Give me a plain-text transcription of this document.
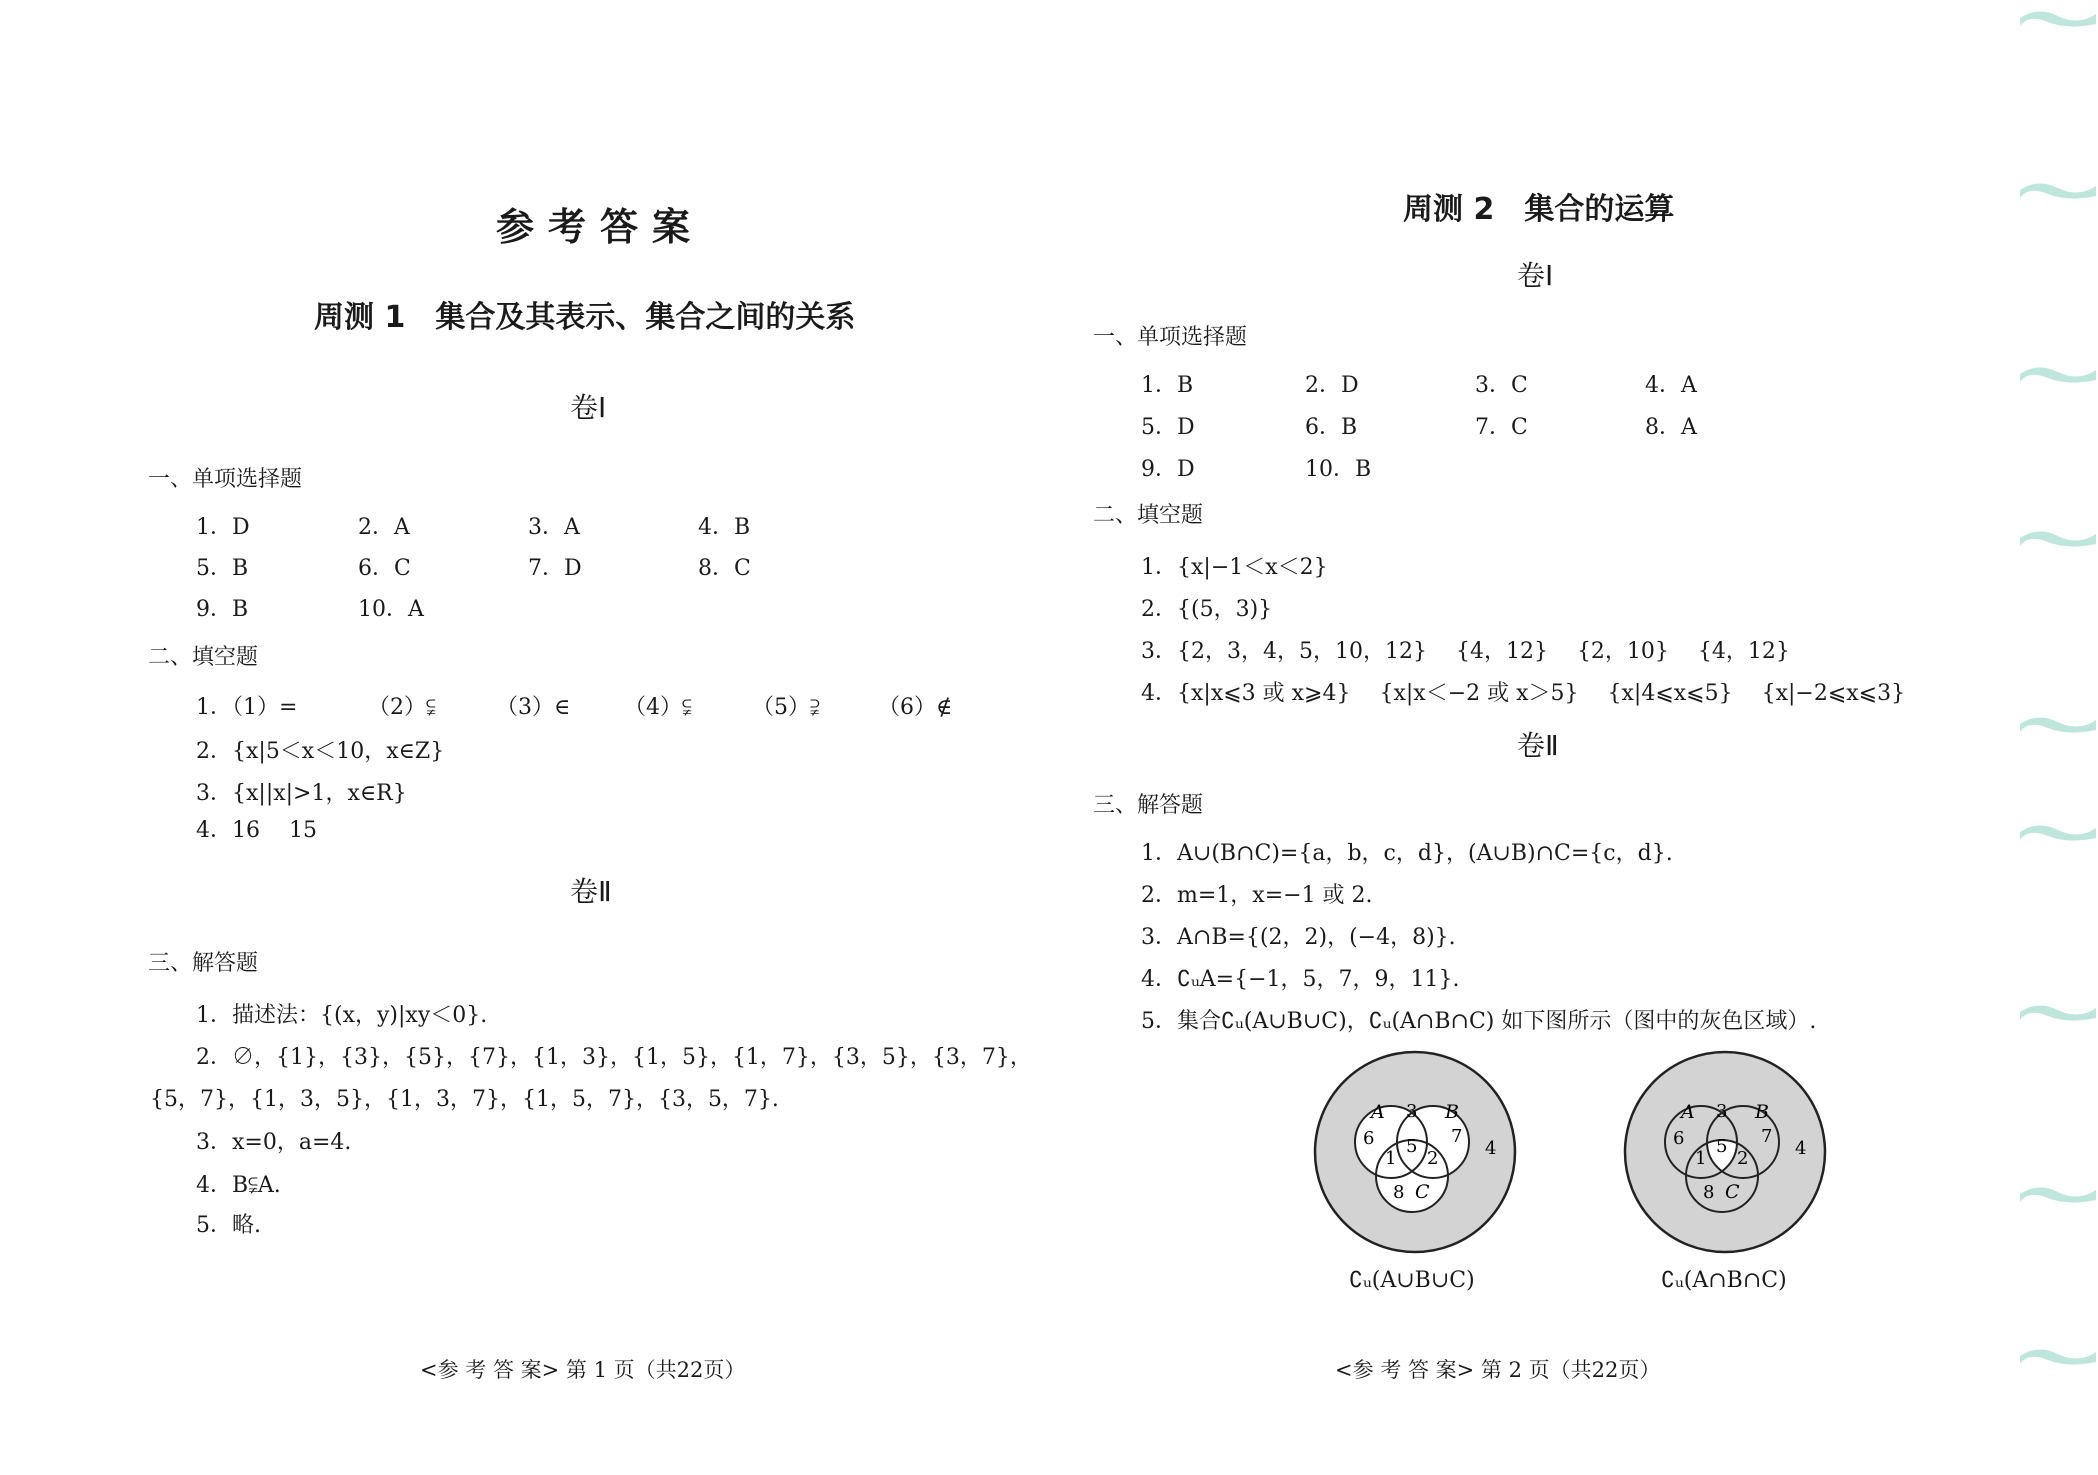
参考答案
周测 1　集合及其表示、集合之间的关系
卷Ⅰ
一、单项选择题
1．D	2．A	3．A	4．B
5．B	6．C	7．D	8．C
9．B	10．A
二、填空题
1．（1）=	（2）⫋	（3）∈ （4）⫋	（5）⫌	（6）∉
2．{x|5＜x＜10，x∈Z}
3．{x||x|>1，x∈R}
4．16　 15
卷Ⅱ
三、解答题
1．描述法：{(x，y)|xy＜0}.
2．∅，{1}，{3}，{5}，{7}，{1，3}，{1，5}，{1，7}，{3，5}，{3，7}，
{5，7}，{1，3，5}，{1，3，7}，{1，5，7}，{3，5，7}.
3．x=0，a=4.
4．B⫋A.
5．略.
<参 考 答 案> 第 1 页（共22页）
周测 2　集合的运算
卷Ⅰ
一、单项选择题
1．B	2．D	3．C	4．A
5．D	6．B	7．C	8．A
9．D	10．B
二、填空题
1．{x|−1＜x＜2}
2．{(5，3)}
3．{2，3，4，5，10，12}　 {4，12}　 {2，10}　 {4，12}
4．{x|x⩽3 或 x⩾4}　 {x|x＜−2 或 x＞5}　 {x|4⩽x⩽5}　 {x|−2⩽x⩽3}
卷Ⅱ
三、解答题
1．A∪(B∩C)={a，b，c，d}，(A∪B)∩C={c，d}.
2．m=1，x=−1 或 2.
3．A∩B={(2，2)，(−4，8)}.
4．∁ᵤA={−1，5，7，9，11}.
5．集合∁ᵤ(A∪B∪C)，∁ᵤ(A∩B∩C) 如下图所示（图中的灰色区域）.
A	B
C
3
6	7
1
5
2
8
4
∁ᵤ(A∪B∪C)
A	B
C
3
6	7
1
5
2
8
4
∁ᵤ(A∩B∩C)
<参 考 答 案> 第 2 页（共22页）
